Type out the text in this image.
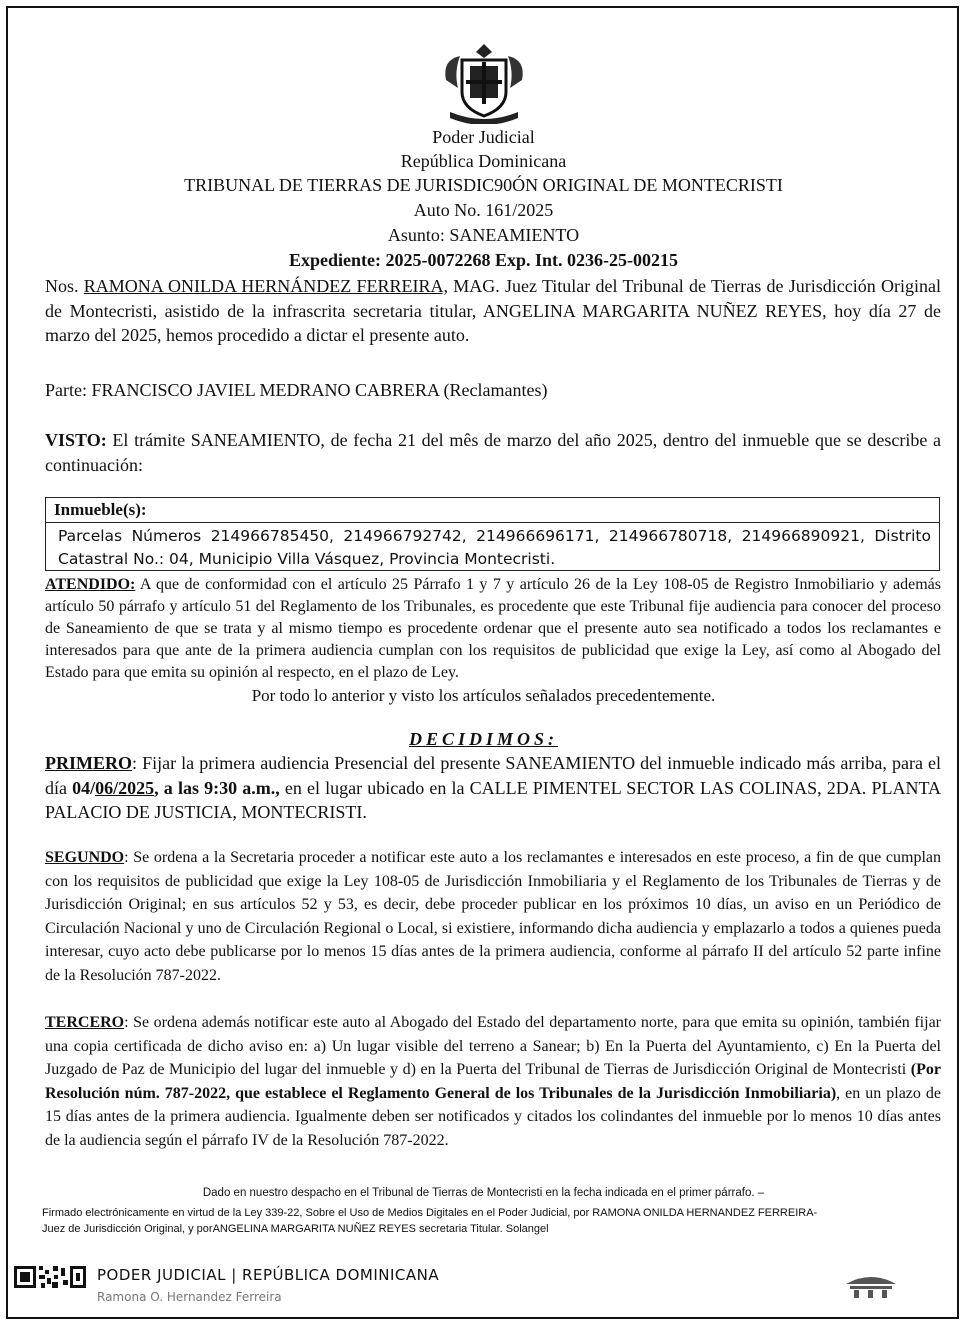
Poder Judicial
República Dominicana
TRIBUNAL DE TIERRAS DE JURISDIC90ÓN ORIGINAL DE MONTECRISTI
Auto No. 161/2025
Asunto: SANEAMIENTO
Expediente: 2025-0072268 Exp. Int. 0236-25-00215
Nos. RAMONA ONILDA HERNÁNDEZ FERREIRA, MAG. Juez Titular del Tribunal de Tierras de Jurisdicción Original de Montecristi, asistido de la infrascrita secretaria titular, ANGELINA MARGARITA NUÑEZ REYES, hoy día 27 de marzo del 2025, hemos procedido a dictar el presente auto.
Parte: FRANCISCO JAVIEL MEDRANO CABRERA (Reclamantes)
VISTO: El trámite SANEAMIENTO, de fecha 21 del mês de marzo del año 2025, dentro del inmueble que se describe a continuación:
Inmueble(s):
Parcelas Números 214966785450, 214966792742, 214966696171, 214966780718, 214966890921, Distrito Catastral No.: 04, Municipio Villa Vásquez, Provincia Montecristi.
ATENDIDO: A que de conformidad con el artículo 25 Párrafo 1 y 7 y artículo 26 de la Ley 108-05 de Registro Inmobiliario y además artículo 50 párrafo y artículo 51 del Reglamento de los Tribunales, es procedente que este Tribunal fije audiencia para conocer del proceso de Saneamiento de que se trata y al mismo tiempo es procedente ordenar que el presente auto sea notificado a todos los reclamantes e interesados para que ante de la primera audiencia cumplan con los requisitos de publicidad que exige la Ley, así como al Abogado del Estado para que emita su opinión al respecto, en el plazo de Ley.
Por todo lo anterior y visto los artículos señalados precedentemente.
DECIDIMOS:
PRIMERO: Fijar la primera audiencia Presencial del presente SANEAMIENTO del inmueble indicado más arriba, para el día 04/06/2025, a las 9:30 a.m., en el lugar ubicado en la CALLE PIMENTEL SECTOR LAS COLINAS, 2DA. PLANTA PALACIO DE JUSTICIA, MONTECRISTI.
SEGUNDO: Se ordena a la Secretaria proceder a notificar este auto a los reclamantes e interesados en este proceso, a fin de que cumplan con los requisitos de publicidad que exige la Ley 108-05 de Jurisdicción Inmobiliaria y el Reglamento de los Tribunales de Tierras y de Jurisdicción Original; en sus artículos 52 y 53, es decir, debe proceder publicar en los próximos 10 días, un aviso en un Periódico de Circulación Nacional y uno de Circulación Regional o Local, si existiere, informando dicha audiencia y emplazarlo a todos a quienes pueda interesar, cuyo acto debe publicarse por lo menos 15 días antes de la primera audiencia, conforme al párrafo II del artículo 52 parte infine de la Resolución 787-2022.
TERCERO: Se ordena además notificar este auto al Abogado del Estado del departamento norte, para que emita su opinión, también fijar una copia certificada de dicho aviso en: a) Un lugar visible del terreno a Sanear; b) En la Puerta del Ayuntamiento, c) En la Puerta del Juzgado de Paz de Municipio del lugar del inmueble y d) en la Puerta del Tribunal de Tierras de Jurisdicción Original de Montecristi (Por Resolución núm. 787-2022, que establece el Reglamento General de los Tribunales de la Jurisdicción Inmobiliaria), en un plazo de 15 días antes de la primera audiencia. Igualmente deben ser notificados y citados los colindantes del inmueble por lo menos 10 días antes de la audiencia según el párrafo IV de la Resolución 787-2022.
Dado en nuestro despacho en el Tribunal de Tierras de Montecristi en la fecha indicada en el primer párrafo. –
Firmado electrónicamente en virtud de la Ley 339-22, Sobre el Uso de Medios Digitales en el Poder Judicial, por RAMONA ONILDA HERNANDEZ FERREIRA-
Juez de Jurisdicción Original, y porANGELINA MARGARITA NUÑEZ REYES secretaria Titular. Solangel
PODER JUDICIAL | REPÚBLICA DOMINICANA
Ramona O. Hernandez Ferreira
